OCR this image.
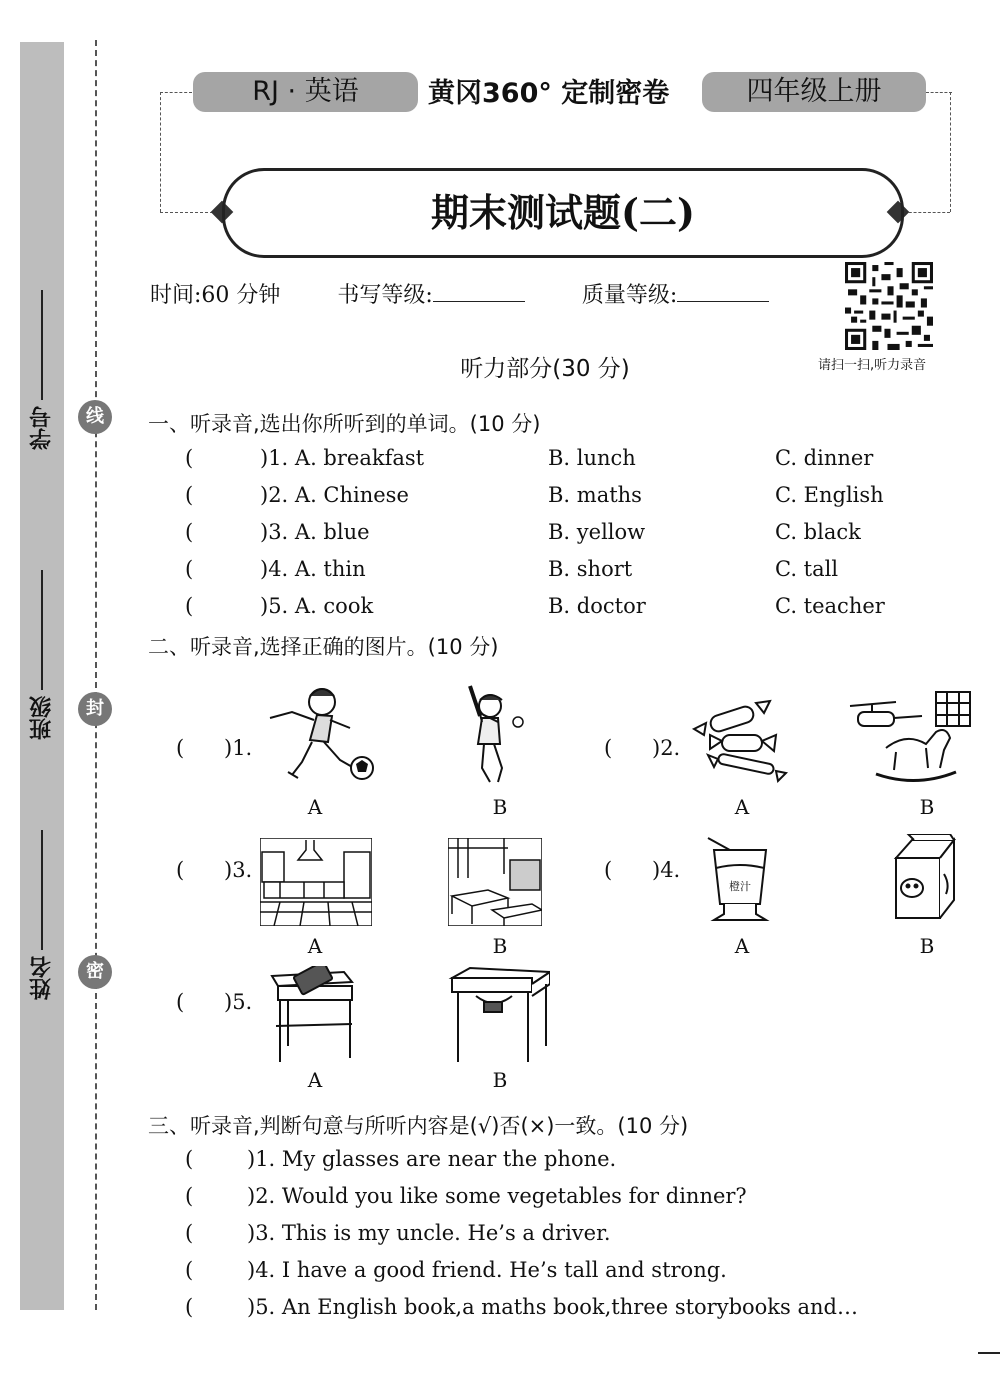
学号
班级
姓名
线
封
密
RJ · 英语	黄冈360° 定制密卷	四年级上册
期末测试题(二)
时间:60 分钟	书写等级:	质量等级:
请扫一扫,听力录音
听力部分(30 分)
一、听录音,选出你所听到的单词。(10 分)
(	)1. A. breakfast	B. lunch	C. dinner
(	)2. A. Chinese	B. maths	C. English
(	)3. A. blue	B. yellow	C. black
(	)4. A. thin	B. short	C. tall
(	)5. A. cook	B. doctor	C. teacher
二、听录音,选择正确的图片。(10 分)
( )1.
A	B
( )2.
A	B
( )3.
A	B
( )4.
橙汁
A	B
( )5.
A	B
三、听录音,判断句意与所听内容是(√)否(×)一致。(10 分)
(	)1. My glasses are near the phone.
(	)2. Would you like some vegetables for dinner?
(	)3. This is my uncle. He’s a driver.
(	)4. I have a good friend. He’s tall and strong.
(	)5. An English book,a maths book,three storybooks and…
